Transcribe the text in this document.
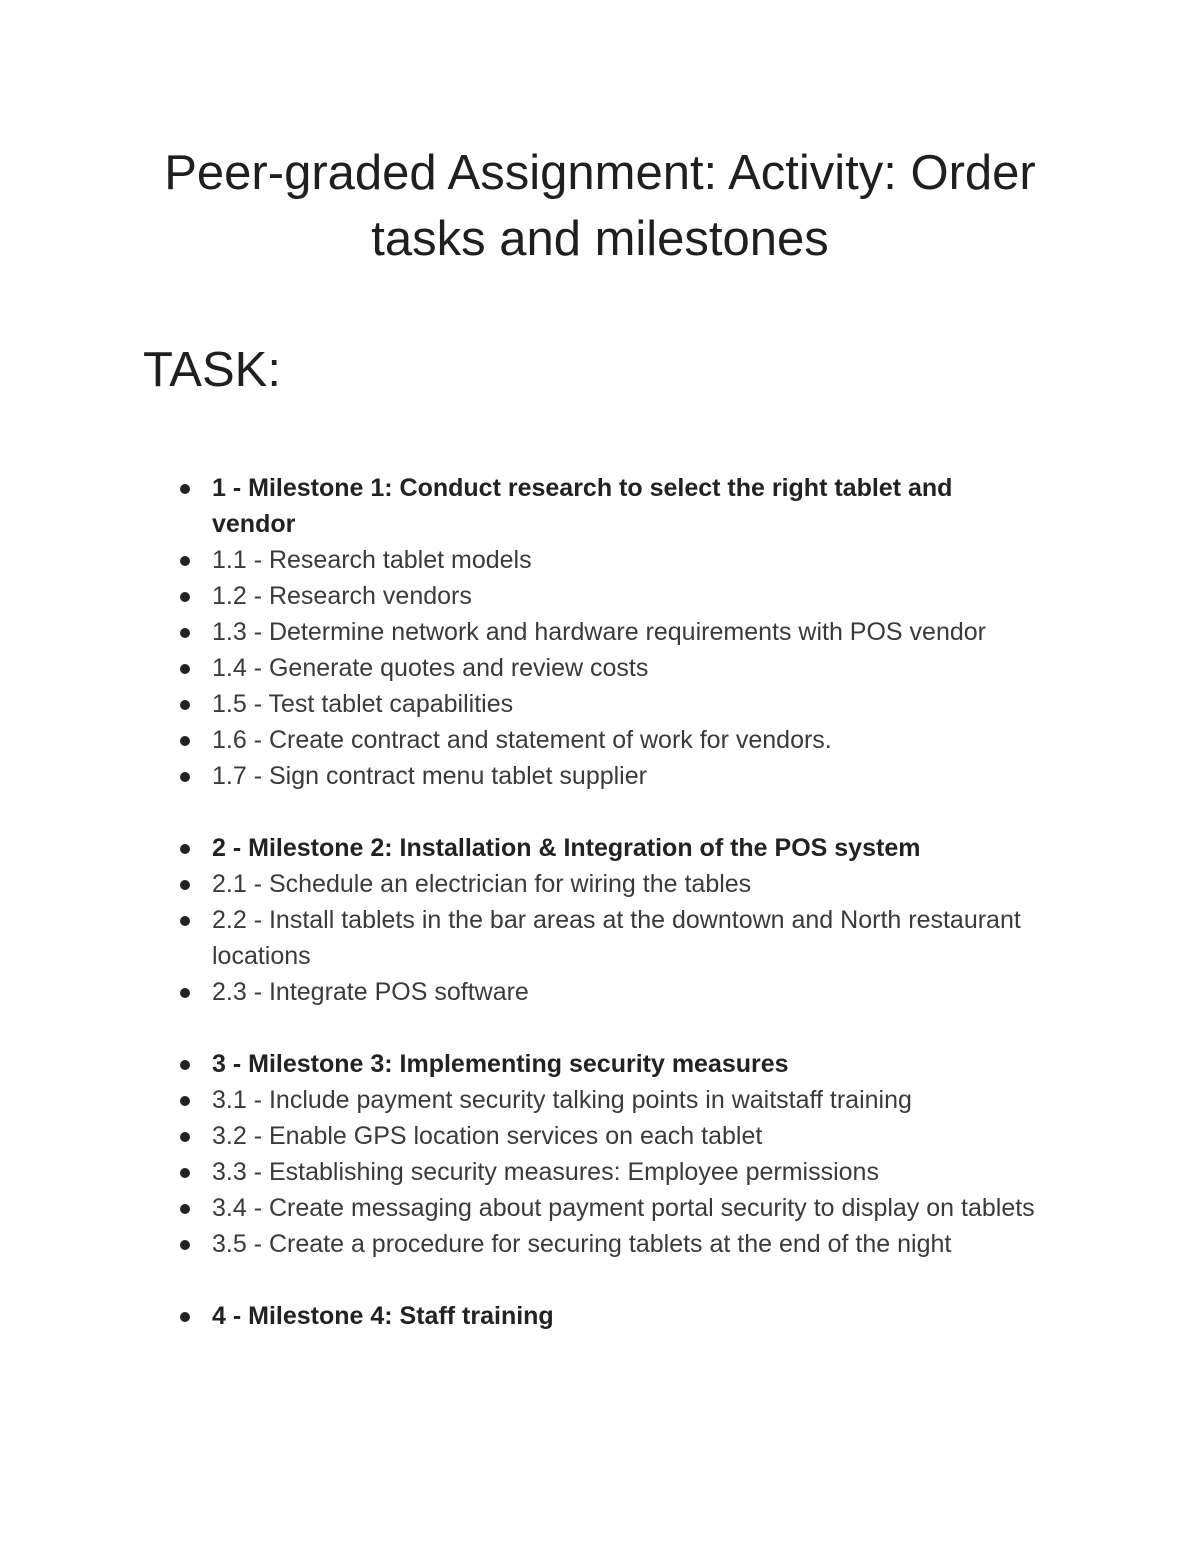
Peer-graded Assignment: Activity: Order tasks and milestones
TASK:
1 - Milestone 1: Conduct research to select the right tablet and vendor
1.1 - Research tablet models
1.2 - Research vendors
1.3 - Determine network and hardware requirements with POS vendor
1.4 - Generate quotes and review costs
1.5 - Test tablet capabilities
1.6 - Create contract and statement of work for vendors.
1.7 - Sign contract menu tablet supplier
2 - Milestone 2: Installation & Integration of the POS system
2.1 - Schedule an electrician for wiring the tables
2.2 - Install tablets in the bar areas at the downtown and North restaurant locations
2.3 - Integrate POS software
3 - Milestone 3: Implementing security measures
3.1 - Include payment security talking points in waitstaff training
3.2 - Enable GPS location services on each tablet
3.3 - Establishing security measures: Employee permissions
3.4 - Create messaging about payment portal security to display on tablets
3.5 - Create a procedure for securing tablets at the end of the night
4 - Milestone 4: Staff training
